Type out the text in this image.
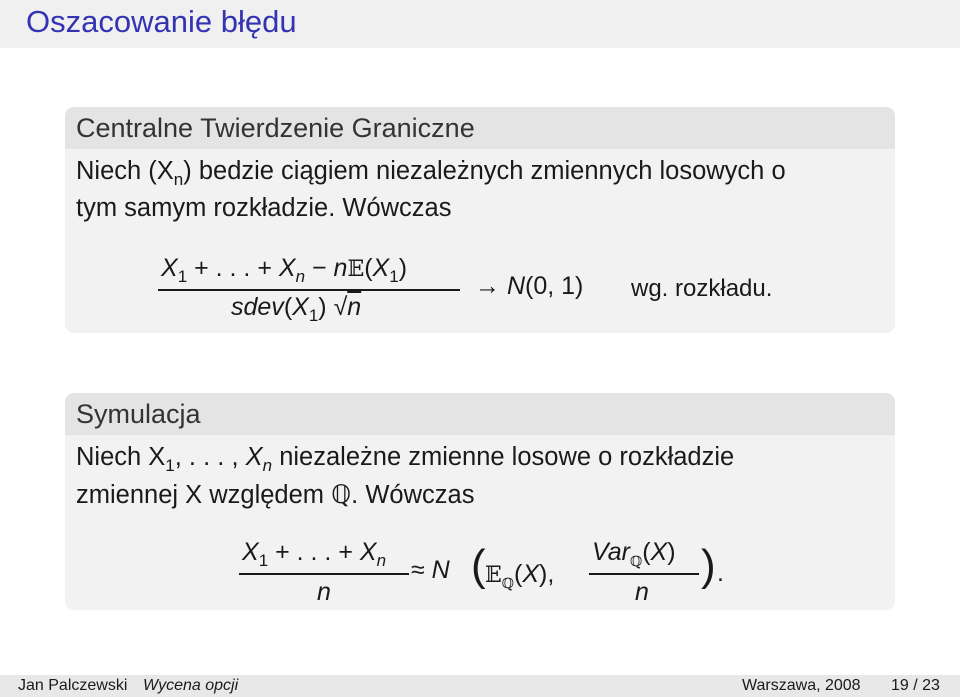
Oszacowanie błędu
Centralne Twierdzenie Graniczne
Niech $(X_n)$ bedzie ciągiem niezależnych zmiennych losowych o
tym samym rozkładzie. Wówczas
$X_1$ + . . . + $X_n$ − $n𝔼(X_1)$
$sdev(X_1)$ √n
→ N(0, 1) wg. rozkładu.
Symulacja
Niech $X_1$, . . . , $X_n$ niezależne zmienne losowe o rozkładzie
zmiennej X względem ℚ. Wówczas
$X_1$ + . . . + $X_n$
n
≈ N ( 𝔼$_ℚ$(X),
Var$_ℚ$(X)
n
) .
Jan Palczewski Wycena opcji	Warszawa, 2008 19 / 23
